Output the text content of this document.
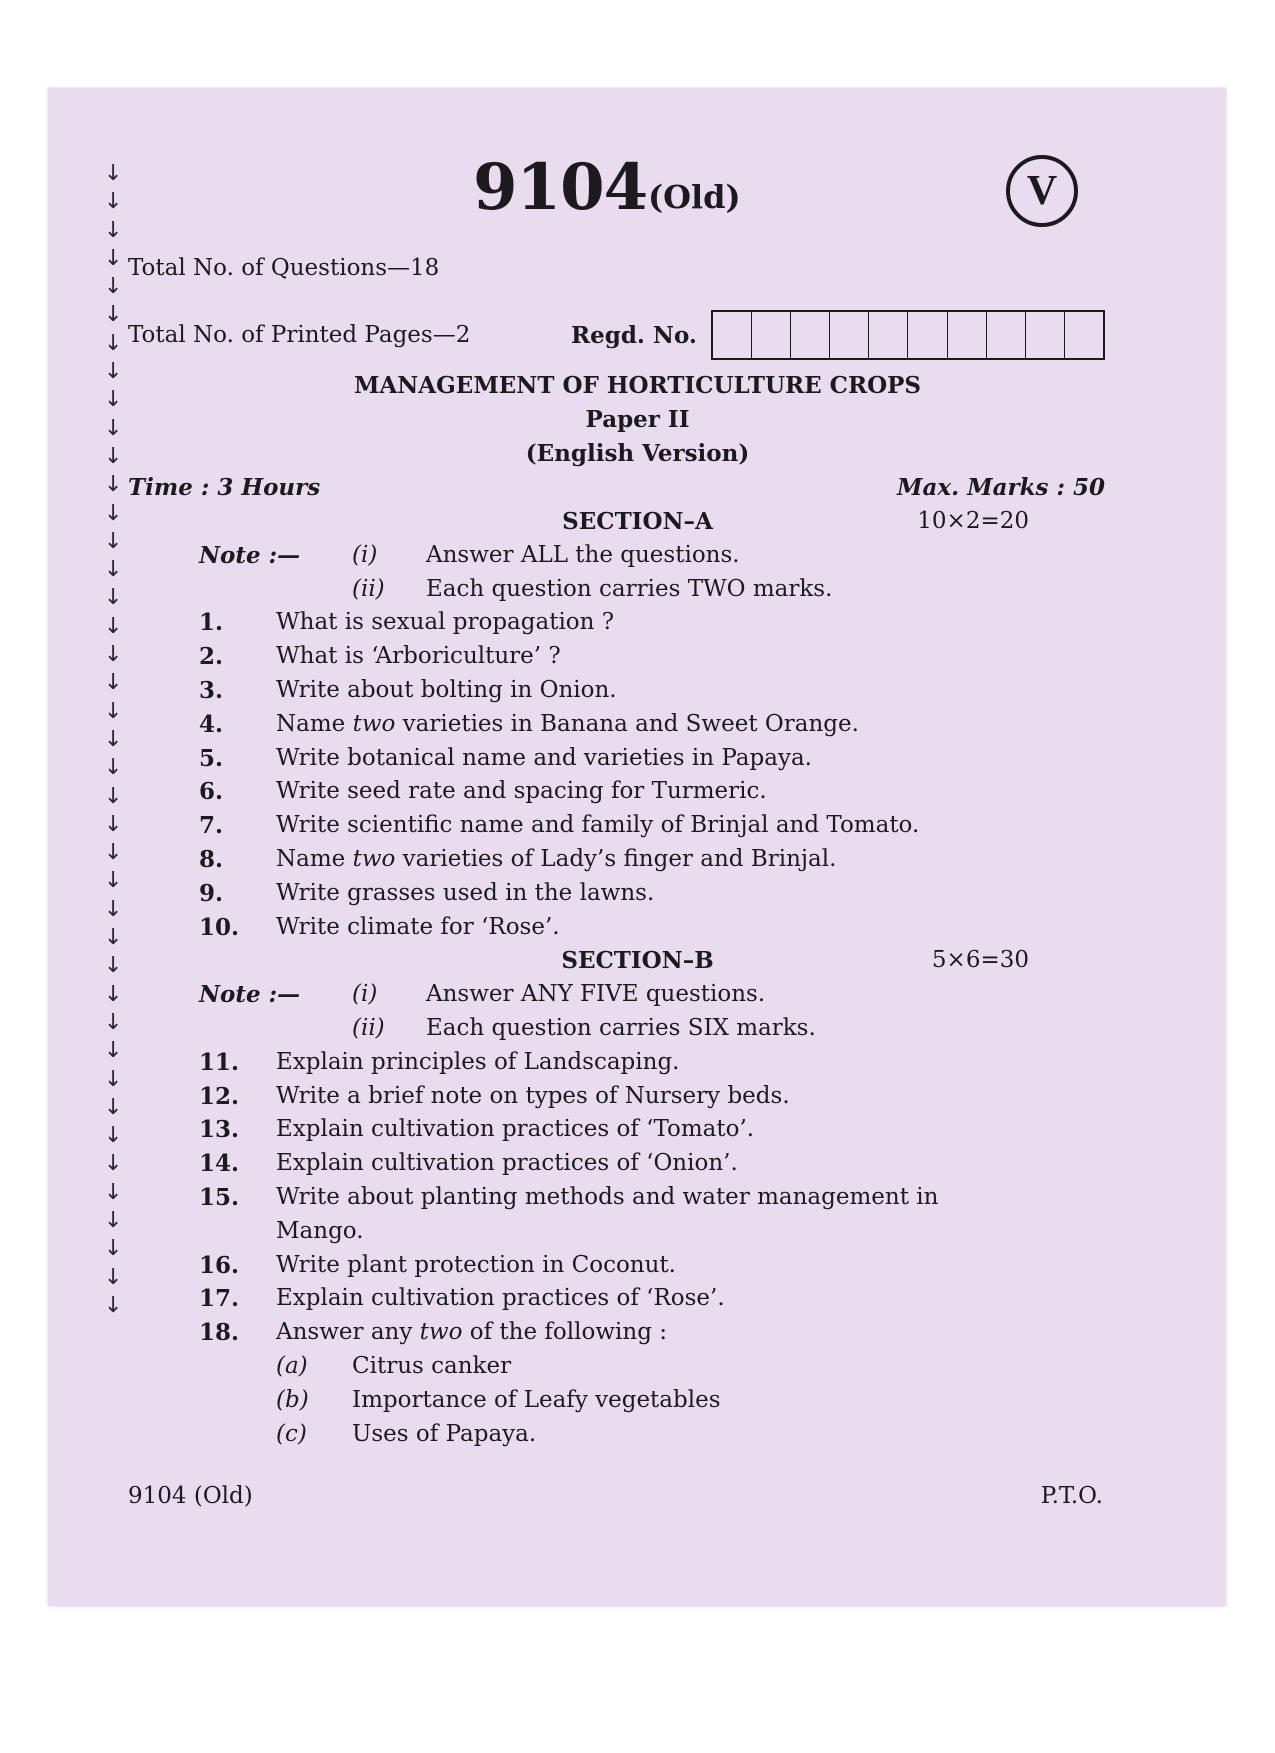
↓
↓
↓
↓
↓
↓
↓
↓
↓
↓
↓
↓
↓
↓
↓
↓
↓
↓
↓
↓
↓
↓
↓
↓
↓
↓
↓
↓
↓
↓
↓
↓
↓
↓
↓
↓
↓
↓
↓
↓
↓
9104 (Old)	V
Total No. of Questions—18
Total No. of Printed Pages—2	Regd. No.
MANAGEMENT OF HORTICULTURE CROPS
Paper II
(English Version)
Time : 3 Hours	Max. Marks : 50
SECTION–A	10×2=20
Note :— (i) Answer ALL the questions.
(ii) Each question carries TWO marks.
1. What is sexual propagation ?
2. What is ‘Arboriculture’ ?
3. Write about bolting in Onion.
4. Name two varieties in Banana and Sweet Orange.
5. Write botanical name and varieties in Papaya.
6. Write seed rate and spacing for Turmeric.
7. Write scientific name and family of Brinjal and Tomato.
8. Name two varieties of Lady’s finger and Brinjal.
9. Write grasses used in the lawns.
10. Write climate for ‘Rose’.
SECTION–B	5×6=30
Note :— (i) Answer ANY FIVE questions.
(ii) Each question carries SIX marks.
11. Explain principles of Landscaping.
12. Write a brief note on types of Nursery beds.
13. Explain cultivation practices of ‘Tomato’.
14. Explain cultivation practices of ‘Onion’.
15. Write about planting methods and water management in
Mango.
16. Write plant protection in Coconut.
17. Explain cultivation practices of ‘Rose’.
18. Answer any two of the following :
(a) Citrus canker
(b) Importance of Leafy vegetables
(c) Uses of Papaya.
9104 (Old)	P.T.O.
